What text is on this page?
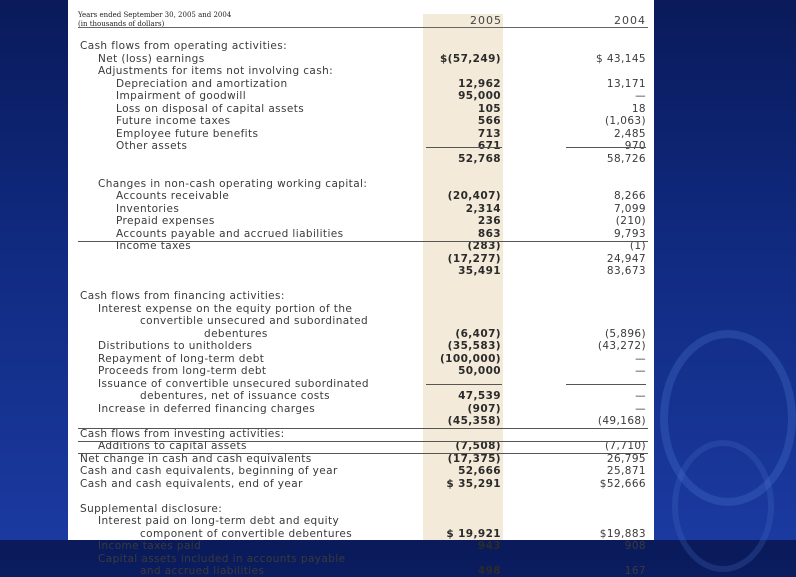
Years ended September 30, 2005 and 2004
(in thousands of dollars)	2005	2004
Cash flows from operating activities:
Net (loss) earnings	$(57,249)	$ 43,145
Adjustments for items not involving cash:
Depreciation and amortization	12,962	13,171
Impairment of goodwill	95,000	—
Loss on disposal of capital assets	105	18
Future income taxes	566	(1,063)
Employee future benefits	713	2,485
Other assets	671	970
52,768	58,726
Changes in non-cash operating working capital:
Accounts receivable	(20,407)	8,266
Inventories	2,314	7,099
Prepaid expenses	236	(210)
Accounts payable and accrued liabilities	863	9,793
Income taxes	(283)	(1)
(17,277)	24,947
35,491	83,673
Cash flows from financing activities:
Interest expense on the equity portion of the
convertible unsecured and subordinated
debentures	(6,407)	(5,896)
Distributions to unitholders	(35,583)	(43,272)
Repayment of long-term debt	(100,000)	—
Proceeds from long-term debt	50,000	—
Issuance of convertible unsecured subordinated
debentures, net of issuance costs	47,539	—
Increase in deferred financing charges	(907)	—
(45,358)	(49,168)
Cash flows from investing activities:
Additions to capital assets	(7,508)	(7,710)
Net change in cash and cash equivalents	(17,375)	26,795
Cash and cash equivalents, beginning of year	52,666	25,871
Cash and cash equivalents, end of year	$ 35,291	$52,666
Supplemental disclosure:
Interest paid on long-term debt and equity
component of convertible debentures	$ 19,921	$19,883
Income taxes paid	943	908
Capital assets included in accounts payable
and accrued liabilities	498	167
